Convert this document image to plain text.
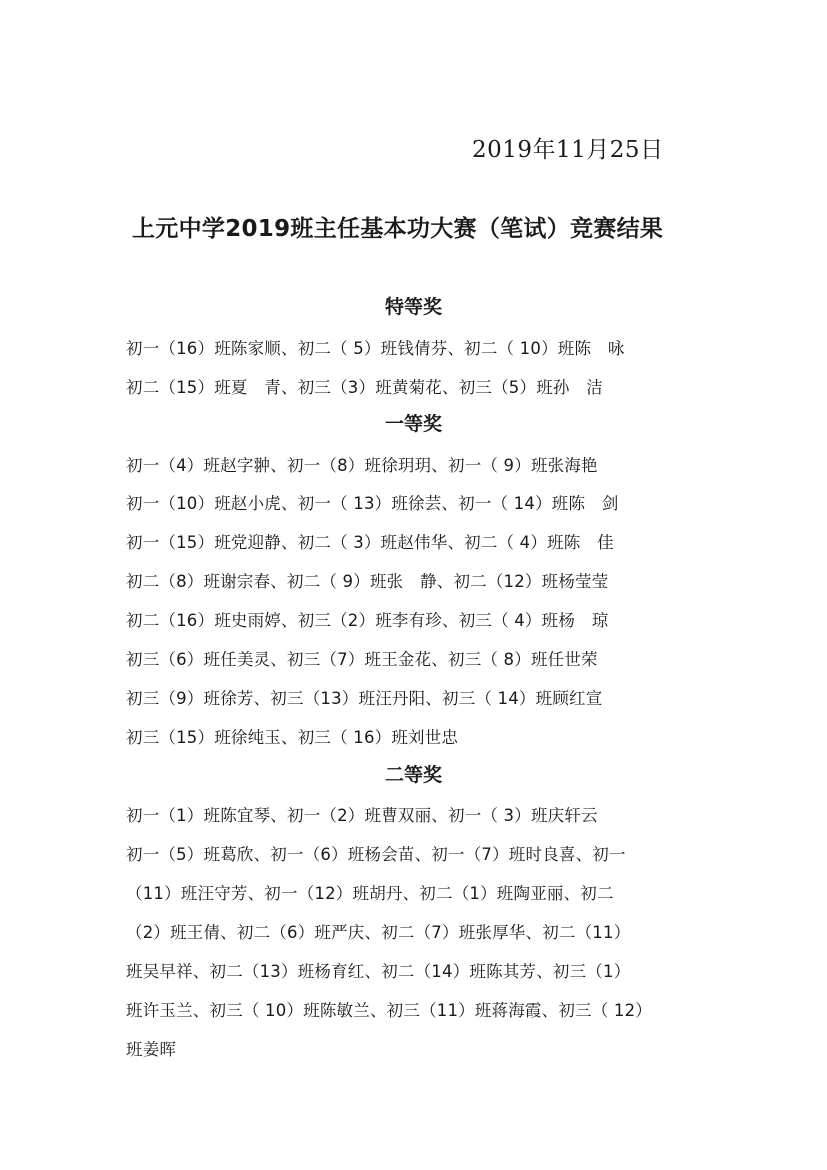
2019年11月25日
上元中学2019班主任基本功大赛（笔试）竞赛结果
特等奖
初一（16）班陈家顺、初二（ 5）班钱倩芬、初二（ 10）班陈　咏
初二（15）班夏　青、初三（3）班黄菊花、初三（5）班孙　洁
一等奖
初一（4）班赵字翀、初一（8）班徐玥玥、初一（ 9）班张海艳
初一（10）班赵小虎、初一（ 13）班徐芸、初一（ 14）班陈　剑
初一（15）班党迎静、初二（ 3）班赵伟华、初二（ 4）班陈　佳
初二（8）班谢宗春、初二（ 9）班张　静、初二（12）班杨莹莹
初二（16）班史雨婷、初三（2）班李有珍、初三（ 4）班杨　琼
初三（6）班任美灵、初三（7）班王金花、初三（ 8）班任世荣
初三（9）班徐芳、初三（13）班汪丹阳、初三（ 14）班顾红宣
初三（15）班徐纯玉、初三（ 16）班刘世忠
二等奖
初一（1）班陈宜琴、初一（2）班曹双丽、初一（ 3）班庆轩云
初一（5）班葛欣、初一（6）班杨会苗、初一（7）班时良喜、初一
（11）班汪守芳、初一（12）班胡丹、初二（1）班陶亚丽、初二
（2）班王倩、初二（6）班严庆、初二（7）班张厚华、初二（11）
班吴早祥、初二（13）班杨育红、初二（14）班陈其芳、初三（1）
班许玉兰、初三（ 10）班陈敏兰、初三（11）班蒋海霞、初三（ 12）
班姜晖
